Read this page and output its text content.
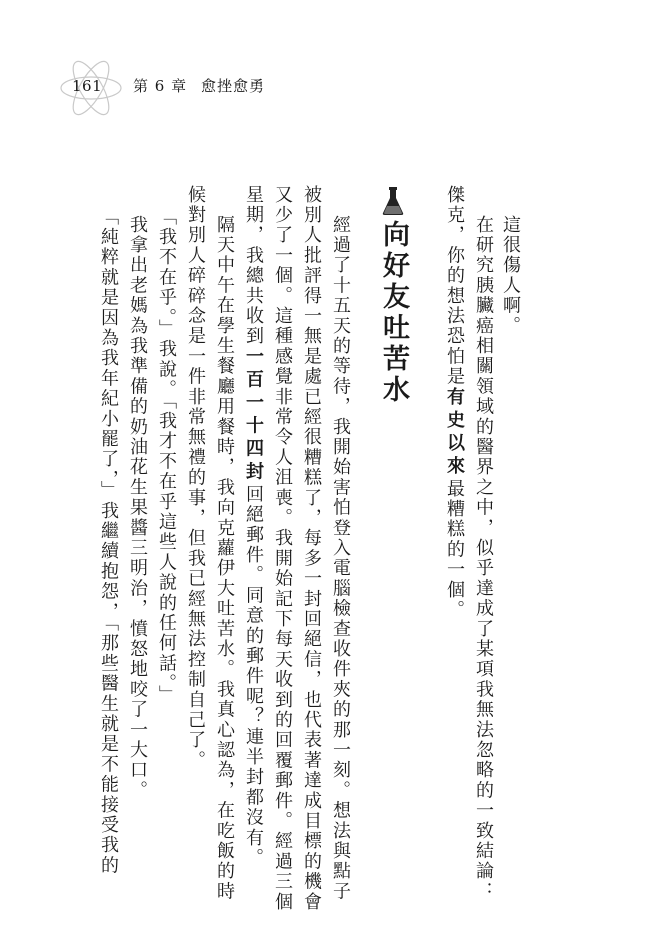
161 第 6 章 愈挫愈勇
這很傷人啊。
在研究胰臟癌相關領域的醫界之中，似乎達成了某項我無法忽略的一致結論：
傑克，你的想法恐怕是有史以來最糟糕的一個。
向好友吐苦水
經過了十五天的等待，我開始害怕登入電腦檢查收件夾的那一刻。想法與點子
被別人批評得一無是處已經很糟糕了，每多一封回絕信，也代表著達成目標的機會
又少了一個。這種感覺非常令人沮喪。我開始記下每天收到的回覆郵件。經過三個
星期，我總共收到一百一十四封回絕郵件。同意的郵件呢？連半封都沒有。
隔天中午在學生餐廳用餐時，我向克蘿伊大吐苦水。我真心認為，在吃飯的時
候對別人碎碎念是一件非常無禮的事，但我已經無法控制自己了。
「我不在乎。」我說。「我才不在乎這些人說的任何話。」
我拿出老媽為我準備的奶油花生果醬三明治，憤怒地咬了一大口。
「純粹就是因為我年紀小罷了，」我繼續抱怨，「那些醫生就是不能接受我的
